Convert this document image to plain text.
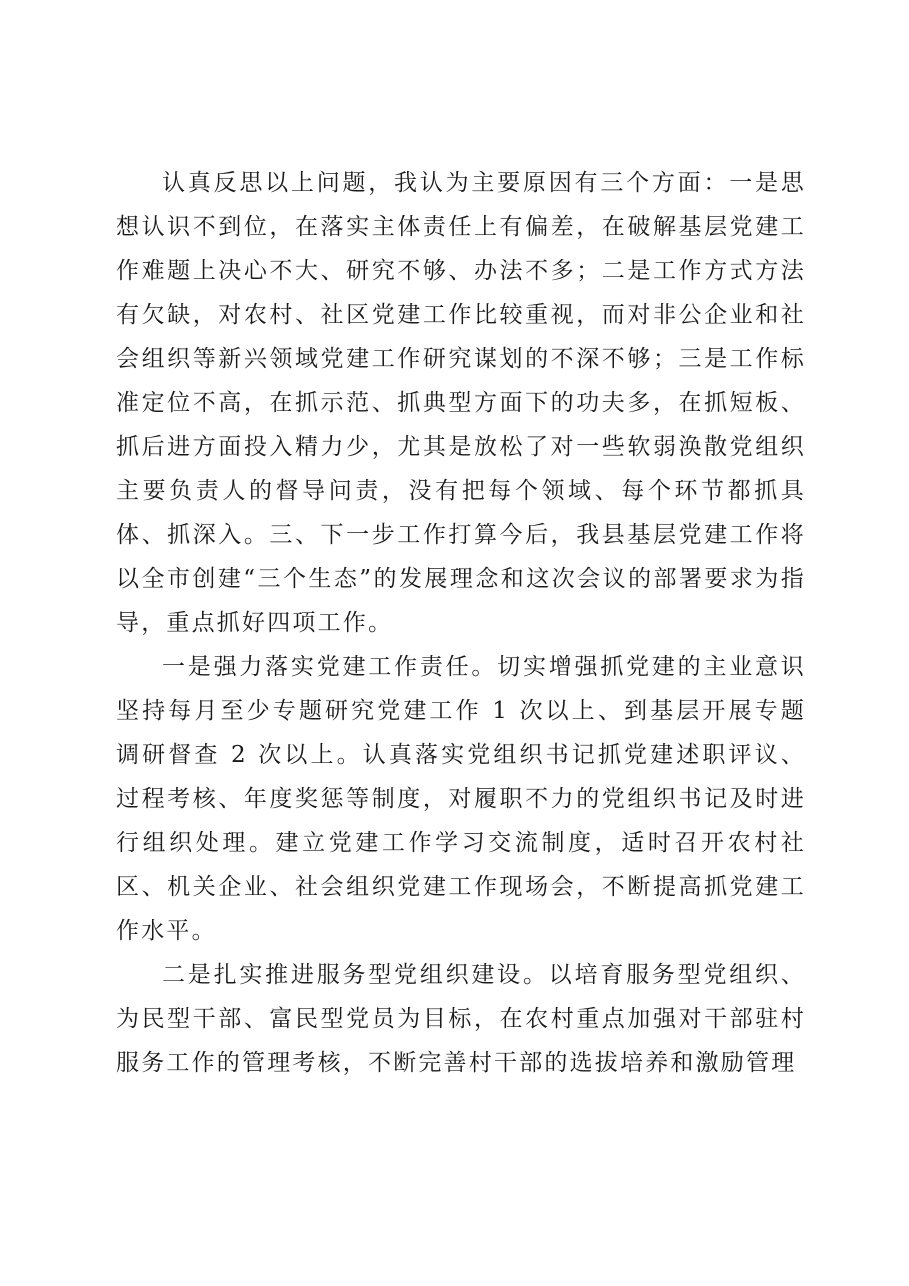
认真反思以上问题，我认为主要原因有三个方面：一是思想认识不到位，在落实主体责任上有偏差，在破解基层党建工作难题上决心不大、研究不够、办法不多；二是工作方式方法有欠缺，对农村、社区党建工作比较重视，而对非公企业和社会组织等新兴领域党建工作研究谋划的不深不够；三是工作标准定位不高，在抓示范、抓典型方面下的功夫多，在抓短板、抓后进方面投入精力少，尤其是放松了对一些软弱涣散党组织主要负责人的督导问责，没有把每个领域、每个环节都抓具体、抓深入。三、下一步工作打算今后，我县基层党建工作将以全市创建“三个生态”的发展理念和这次会议的部署要求为指导，重点抓好四项工作。

一是强力落实党建工作责任。切实增强抓党建的主业意识坚持每月至少专题研究党建工作 1 次以上、到基层开展专题调研督查 2 次以上。认真落实党组织书记抓党建述职评议、过程考核、年度奖惩等制度，对履职不力的党组织书记及时进行组织处理。建立党建工作学习交流制度，适时召开农村社区、机关企业、社会组织党建工作现场会，不断提高抓党建工作水平。

二是扎实推进服务型党组织建设。以培育服务型党组织、为民型干部、富民型党员为目标，在农村重点加强对干部驻村服务工作的管理考核，不断完善村干部的选拔培养和激励管理
